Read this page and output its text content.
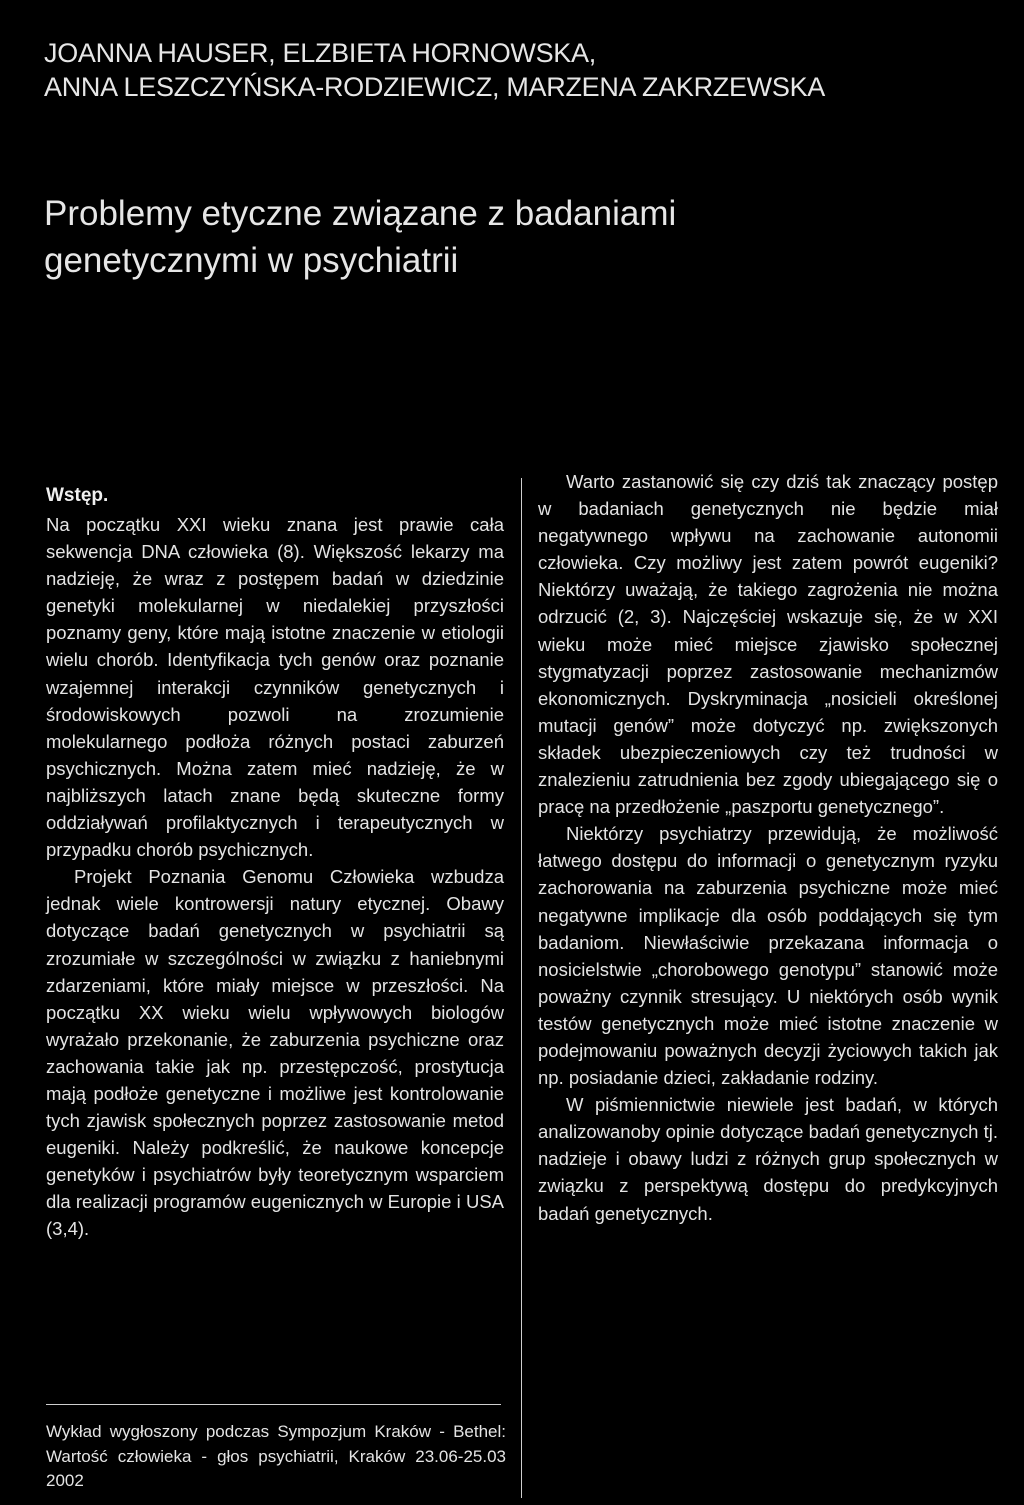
JOANNA HAUSER, ELZBIETA HORNOWSKA,
ANNA LESZCZYŃSKA-RODZIEWICZ, MARZENA ZAKRZEWSKA
Problemy etyczne związane z badaniami
genetycznymi w psychiatrii
Wstęp.

Na początku XXI wieku znana jest prawie cała sekwencja DNA człowieka (8). Większość lekarzy ma nadzieję, że wraz z postępem badań w dziedzinie genetyki molekularnej w niedalekiej przyszłości poznamy geny, które mają istotne znaczenie w etiologii wielu chorób. Identyfikacja tych genów oraz poznanie wzajemnej interakcji czynników genetycznych i środowiskowych pozwoli na zrozumienie molekularnego podłoża różnych postaci zaburzeń psychicznych. Można zatem mieć nadzieję, że w najbliższych latach znane będą skuteczne formy oddziaływań profilaktycznych i terapeutycznych w przypadku chorób psychicznych.

Projekt Poznania Genomu Człowieka wzbudza jednak wiele kontrowersji natury etycznej. Obawy dotyczące badań genetycznych w psychiatrii są zrozumiałe w szczególności w związku z haniebnymi zdarzeniami, które miały miejsce w przeszłości. Na początku XX wieku wielu wpływowych biologów wyrażało przekonanie, że zaburzenia psychiczne oraz zachowania takie jak np. przestępczość, prostytucja mają podłoże genetyczne i możliwe jest kontrolowanie tych zjawisk społecznych poprzez zastosowanie metod eugeniki. Należy podkreślić, że naukowe koncepcje genetyków i psychiatrów były teoretycznym wsparciem dla realizacji programów eugenicznych w Europie i USA (3,4).

Wykład wygłoszony podczas Sympozjum Kraków - Bethel: Wartość człowieka - głos psychiatrii, Kraków 23.06-25.03 2002

Warto zastanowić się czy dziś tak znaczący postęp w badaniach genetycznych nie będzie miał negatywnego wpływu na zachowanie autonomii człowieka. Czy możliwy jest zatem powrót eugeniki? Niektórzy uważają, że takiego zagrożenia nie można odrzucić (2, 3). Najczęściej wskazuje się, że w XXI wieku może mieć miejsce zjawisko społecznej stygmatyzacji poprzez zastosowanie mechanizmów ekonomicznych. Dyskryminacja „nosicieli określonej mutacji genów” może dotyczyć np. zwiększonych składek ubezpieczeniowych czy też trudności w znalezieniu zatrudnienia bez zgody ubiegającego się o pracę na przedłożenie „paszportu genetycznego”.

Niektórzy psychiatrzy przewidują, że możliwość łatwego dostępu do informacji o genetycznym ryzyku zachorowania na zaburzenia psychiczne może mieć negatywne implikacje dla osób poddających się tym badaniom. Niewłaściwie przekazana informacja o nosicielstwie „chorobowego genotypu” stanowić może poważny czynnik stresujący. U niektórych osób wynik testów genetycznych może mieć istotne znaczenie w podejmowaniu poważnych decyzji życiowych takich jak np. posiadanie dzieci, zakładanie rodziny.

W piśmiennictwie niewiele jest badań, w których analizowanoby opinie dotyczące badań genetycznych tj. nadzieje i obawy ludzi z różnych grup społecznych w związku z perspektywą dostępu do predykcyjnych badań genetycznych.
